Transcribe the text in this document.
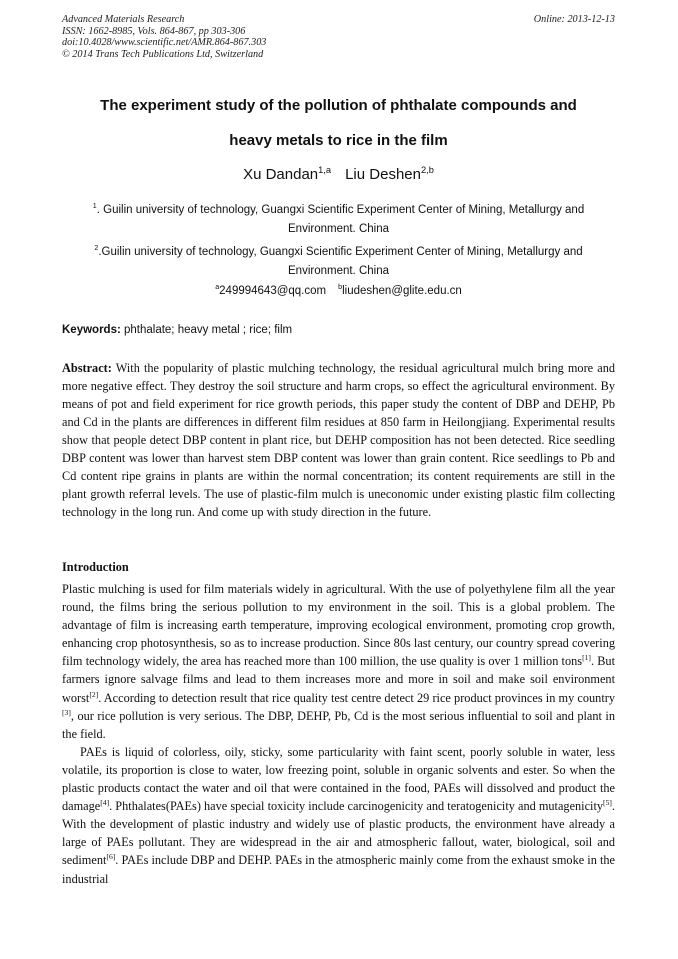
Advanced Materials Research
ISSN: 1662-8985, Vols. 864-867, pp 303-306
doi:10.4028/www.scientific.net/AMR.864-867.303
© 2014 Trans Tech Publications Ltd, Switzerland
Online: 2013-12-13
The experiment study of the pollution of phthalate compounds and
heavy metals to rice in the film
Xu Dandan$^{1,a}$ Liu Deshen$^{2,b}$
$^1$. Guilin university of technology, Guangxi Scientific Experiment Center of Mining, Metallurgy and Environment. China
$^2$.Guilin university of technology, Guangxi Scientific Experiment Center of Mining, Metallurgy and Environment. China
$^a$249994643@qq.com $^b$liudeshen@glite.edu.cn
Keywords: phthalate; heavy metal ; rice; film
Abstract: With the popularity of plastic mulching technology, the residual agricultural mulch bring more and more negative effect. They destroy the soil structure and harm crops, so effect the agricultural environment. By means of pot and field experiment for rice growth periods, this paper study the content of DBP and DEHP, Pb and Cd in the plants are differences in different film residues at 850 farm in Heilongjiang. Experimental results show that people detect DBP content in plant rice, but DEHP composition has not been detected. Rice seedling DBP content was lower than harvest stem DBP content was lower than grain content. Rice seedlings to Pb and Cd content ripe grains in plants are within the normal concentration; its content requirements are still in the plant growth referral levels. The use of plastic-film mulch is uneconomic under existing plastic film collecting technology in the long run. And come up with study direction in the future.
Introduction

Plastic mulching is used for film materials widely in agricultural. With the use of polyethylene film all the year round, the films bring the serious pollution to my environment in the soil. This is a global problem. The advantage of film is increasing earth temperature, improving ecological environment, promoting crop growth, enhancing crop photosynthesis, so as to increase production. Since 80s last century, our country spread covering film technology widely, the area has reached more than 100 million, the use quality is over 1 million tons[1]. But farmers ignore salvage films and lead to them increases more and more in soil and make soil environment worst[2]. According to detection result that rice quality test centre detect 29 rice product provinces in my country [3], our rice pollution is very serious. The DBP, DEHP, Pb, Cd is the most serious influential to soil and plant in the field.

PAEs is liquid of colorless, oily, sticky, some particularity with faint scent, poorly soluble in water, less volatile, its proportion is close to water, low freezing point, soluble in organic solvents and ester. So when the plastic products contact the water and oil that were contained in the food, PAEs will dissolved and product the damage[4]. Phthalates(PAEs) have special toxicity include carcinogenicity and teratogenicity and mutagenicity[5]. With the development of plastic industry and widely use of plastic products, the environment have already a large of PAEs pollutant. They are widespread in the air and atmospheric fallout, water, biological, soil and sediment[6]. PAEs include DBP and DEHP. PAEs in the atmospheric mainly come from the exhaust smoke in the industrial
